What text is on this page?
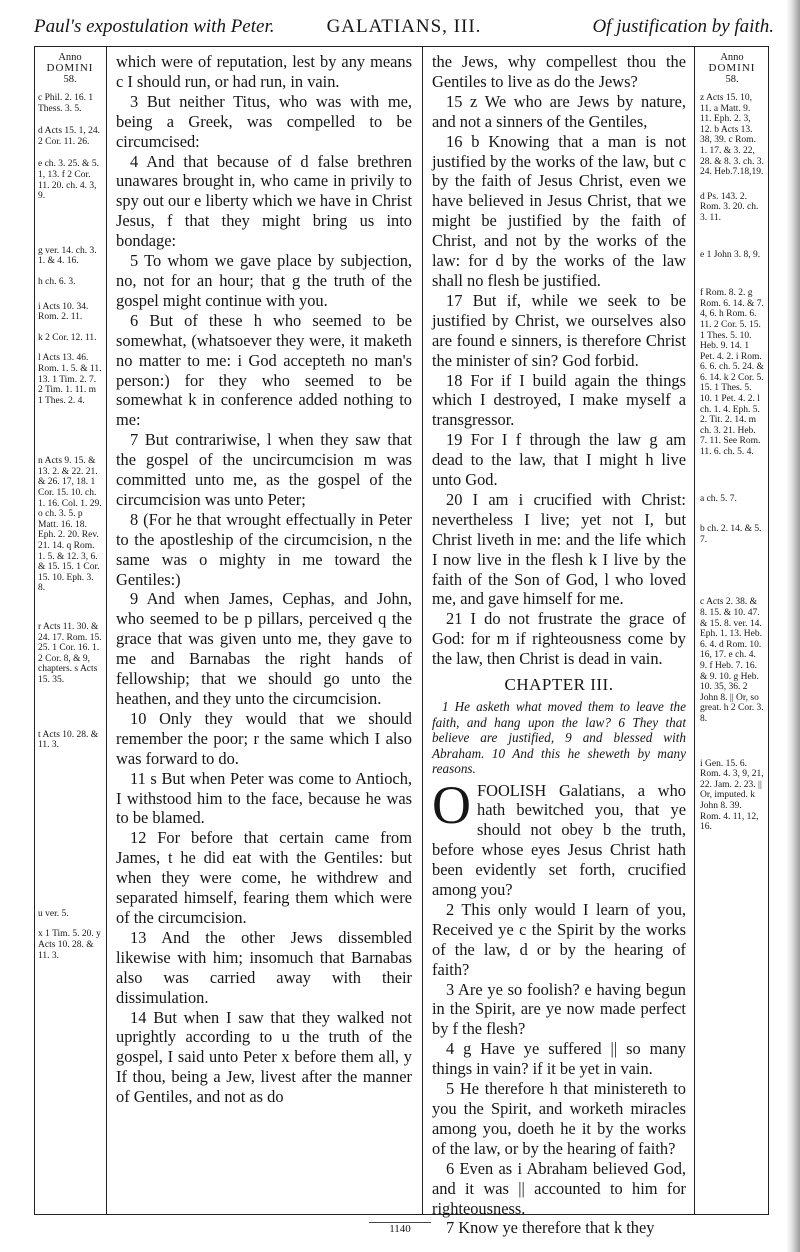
Paul's expostulation with Peter.	GALATIANS, III.	Of justification by faith.
Anno
DOMINI
58.
c Phil. 2. 16. 1 Thess. 3. 5.
d Acts 15. 1, 24. 2 Cor. 11. 26.
e ch. 3. 25. & 5. 1, 13. f 2 Cor. 11. 20. ch. 4. 3, 9.
g ver. 14. ch. 3. 1. & 4. 16.
h ch. 6. 3.
i Acts 10. 34. Rom. 2. 11.
k 2 Cor. 12. 11.
l Acts 13. 46. Rom. 1. 5. & 11. 13. 1 Tim. 2. 7. 2 Tim. 1. 11. m 1 Thes. 2. 4.
n Acts 9. 15. & 13. 2. & 22. 21. & 26. 17, 18. 1 Cor. 15. 10. ch. 1. 16. Col. 1. 29. o ch. 3. 5. p Matt. 16. 18. Eph. 2. 20. Rev. 21. 14. q Rom. 1. 5. & 12. 3, 6. & 15. 15. 1 Cor. 15. 10. Eph. 3. 8.
r Acts 11. 30. & 24. 17. Rom. 15. 25. 1 Cor. 16. 1. 2 Cor. 8, & 9, chapters. s Acts 15. 35.
t Acts 10. 28. & 11. 3.
u ver. 5.
x 1 Tim. 5. 20. y Acts 10. 28. & 11. 3.

which were of reputation, lest by any means c I should run, or had run, in vain.

3 But neither Titus, who was with me, being a Greek, was compelled to be circumcised:

4 And that because of d false brethren unawares brought in, who came in privily to spy out our e liberty which we have in Christ Jesus, f that they might bring us into bondage:

5 To whom we gave place by subjection, no, not for an hour; that g the truth of the gospel might continue with you.

6 But of these h who seemed to be somewhat, (whatsoever they were, it maketh no matter to me: i God accepteth no man's person:) for they who seemed to be somewhat k in conference added nothing to me:

7 But contrariwise, l when they saw that the gospel of the uncircumcision m was committed unto me, as the gospel of the circumcision was unto Peter;

8 (For he that wrought effectually in Peter to the apostleship of the circumcision, n the same was o mighty in me toward the Gentiles:)

9 And when James, Cephas, and John, who seemed to be p pillars, perceived q the grace that was given unto me, they gave to me and Barnabas the right hands of fellowship; that we should go unto the heathen, and they unto the circumcision.

10 Only they would that we should remember the poor; r the same which I also was forward to do.

11 s But when Peter was come to Antioch, I withstood him to the face, because he was to be blamed.

12 For before that certain came from James, t he did eat with the Gentiles: but when they were come, he withdrew and separated himself, fearing them which were of the circumcision.

13 And the other Jews dissembled likewise with him; insomuch that Barnabas also was carried away with their dissimulation.

14 But when I saw that they walked not uprightly according to u the truth of the gospel, I said unto Peter x before them all, y If thou, being a Jew, livest after the manner of Gentiles, and not as do

the Jews, why compellest thou the Gentiles to live as do the Jews?

15 z We who are Jews by nature, and not a sinners of the Gentiles,

16 b Knowing that a man is not justified by the works of the law, but c by the faith of Jesus Christ, even we have believed in Jesus Christ, that we might be justified by the faith of Christ, and not by the works of the law: for d by the works of the law shall no flesh be justified.

17 But if, while we seek to be justified by Christ, we ourselves also are found e sinners, is therefore Christ the minister of sin? God forbid.

18 For if I build again the things which I destroyed, I make myself a transgressor.

19 For I f through the law g am dead to the law, that I might h live unto God.

20 I am i crucified with Christ: nevertheless I live; yet not I, but Christ liveth in me: and the life which I now live in the flesh k I live by the faith of the Son of God, l who loved me, and gave himself for me.

21 I do not frustrate the grace of God: for m if righteousness come by the law, then Christ is dead in vain.

CHAPTER III.
1 He asketh what moved them to leave the faith, and hang upon the law? 6 They that believe are justified, 9 and blessed with Abraham. 10 And this he sheweth by many reasons.

OFOOLISH Galatians, a who hath bewitched you, that ye should not obey b the truth, before whose eyes Jesus Christ hath been evidently set forth, crucified among you?

2 This only would I learn of you, Received ye c the Spirit by the works of the law, d or by the hearing of faith?

3 Are ye so foolish? e having begun in the Spirit, are ye now made perfect by f the flesh?

4 g Have ye suffered || so many things in vain? if it be yet in vain.

5 He therefore h that ministereth to you the Spirit, and worketh miracles among you, doeth he it by the works of the law, or by the hearing of faith?

6 Even as i Abraham believed God, and it was || accounted to him for righteousness.

7 Know ye therefore that k they

Anno
DOMINI
58.
z Acts 15. 10, 11. a Matt. 9. 11. Eph. 2. 3, 12. b Acts 13. 38, 39. c Rom. 1. 17. & 3. 22, 28. & 8. 3. ch. 3. 24. Heb.7.18,19.
d Ps. 143. 2. Rom. 3. 20. ch. 3. 11.
e 1 John 3. 8, 9.
f Rom. 8. 2. g Rom. 6. 14. & 7. 4, 6. h Rom. 6. 11. 2 Cor. 5. 15. 1 Thes. 5. 10. Heb. 9. 14. 1 Pet. 4. 2. i Rom. 6. 6. ch. 5. 24. & 6. 14. k 2 Cor. 5. 15. 1 Thes. 5. 10. 1 Pet. 4. 2. l ch. 1. 4. Eph. 5. 2. Tit. 2. 14. m ch. 3. 21. Heb. 7. 11. See Rom. 11. 6. ch. 5. 4.
a ch. 5. 7.
b ch. 2. 14. & 5. 7.
c Acts 2. 38. & 8. 15. & 10. 47. & 15. 8. ver. 14. Eph. 1. 13. Heb. 6. 4. d Rom. 10. 16, 17. e ch. 4. 9. f Heb. 7. 16. & 9. 10. g Heb. 10. 35, 36. 2 John 8. || Or, so great. h 2 Cor. 3. 8.
i Gen. 15. 6. Rom. 4. 3, 9, 21, 22. Jam. 2. 23. || Or, imputed. k John 8. 39. Rom. 4. 11, 12, 16.
1140
